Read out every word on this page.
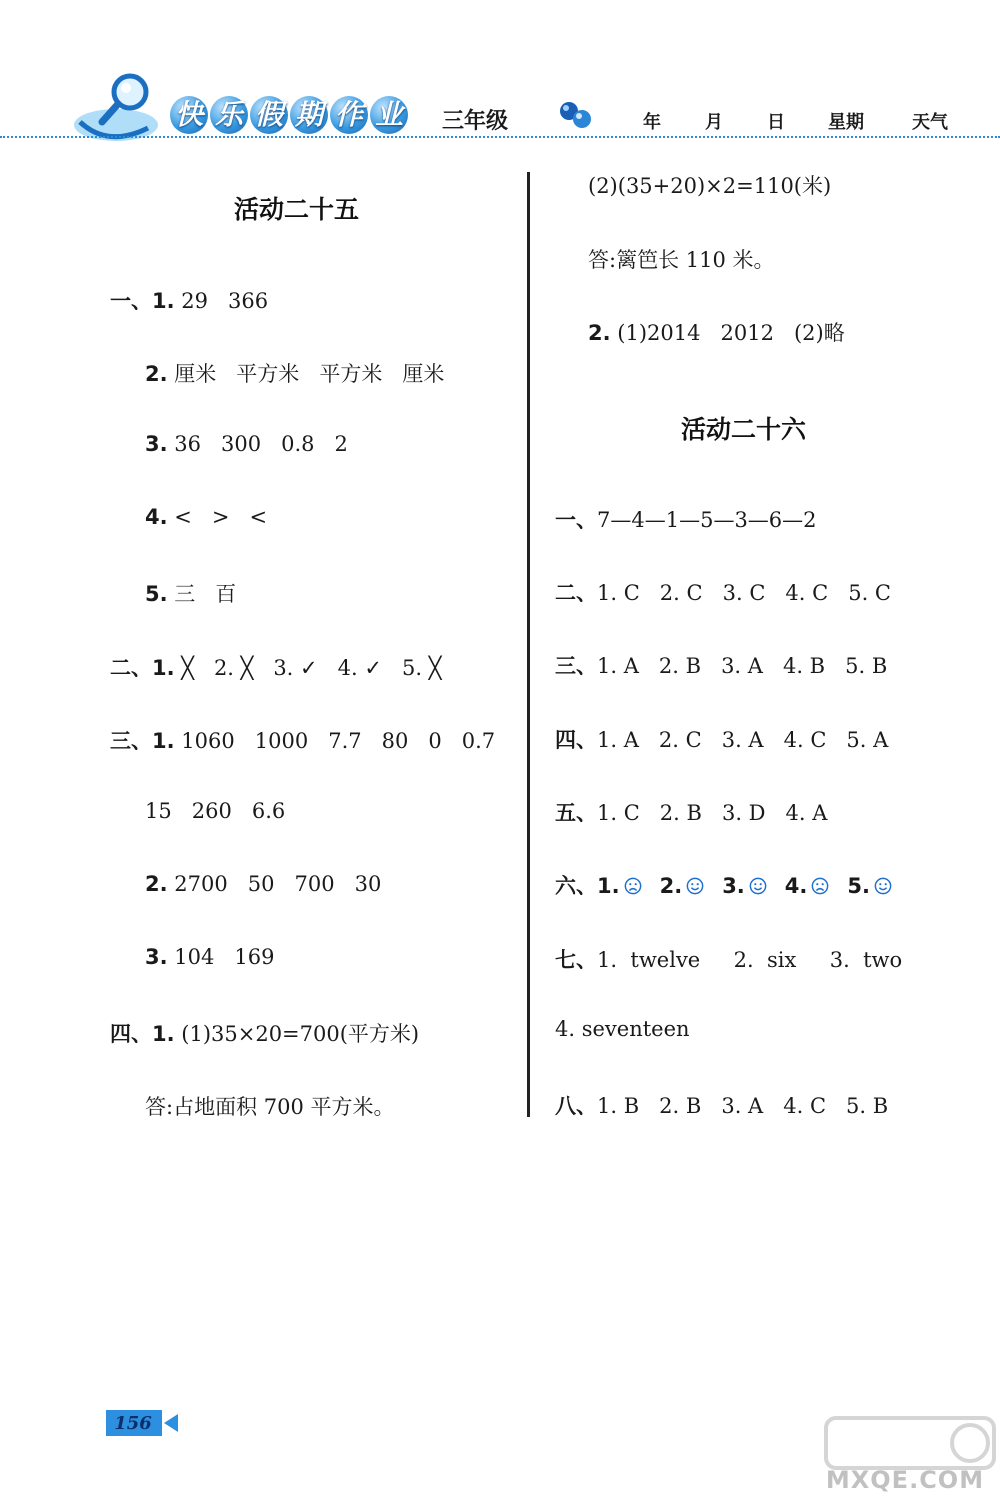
快 乐 假 期 作 业 三年级	年 月 日 星期	天气
活动二十五
一、1. 29   366
2. 厘米   平方米   平方米   厘米
3. 36   300   0.8   2
4. <   >   <
5. 三   百
二、1. ╳   2. ╳   3. ✓   4. ✓   5. ╳
三、1. 1060   1000   7.7   80   0   0.7
15   260   6.6
2. 2700   50   700   30
3. 104   169
四、1. (1)35×20=700(平方米)
答:占地面积 700 平方米。
(2)(35+20)×2=110(米)
答:篱笆长 110 米。
2. (1)2014   2012   (2)略
活动二十六
一、7—4—1—5—3—6—2
二、1. C   2. C   3. C   4. C   5. C
三、1. A   2. B   3. A   4. B   5. B
四、1. A   2. C   3. A   4. C   5. A
五、1. C   2. B   3. D   4. A
七、1.  twelve     2.  six     3.  two
4. seventeen
八、1. B   2. B   3. A   4. C   5. B
六、1. 2. 3. 4. 5.
156
MXQE.COM
